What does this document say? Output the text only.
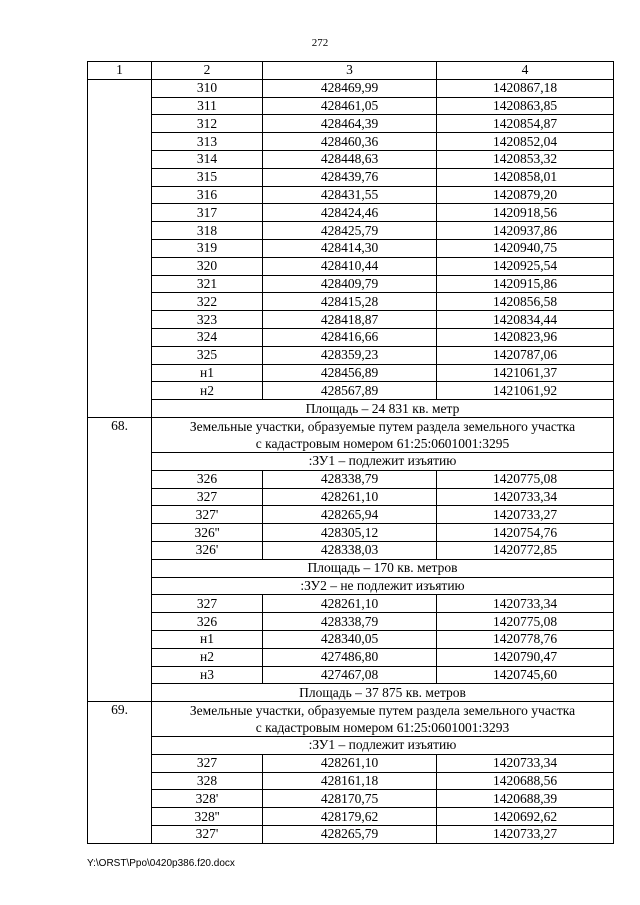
272
1	2	3	4
	310	428469,99	1420867,18
	311	428461,05	1420863,85
	312	428464,39	1420854,87
	313	428460,36	1420852,04
	314	428448,63	1420853,32
	315	428439,76	1420858,01
	316	428431,55	1420879,20
	317	428424,46	1420918,56
	318	428425,79	1420937,86
	319	428414,30	1420940,75
	320	428410,44	1420925,54
	321	428409,79	1420915,86
	322	428415,28	1420856,58
	323	428418,87	1420834,44
	324	428416,66	1420823,96
	325	428359,23	1420787,06
	н1	428456,89	1421061,37
	н2	428567,89	1421061,92
	Площадь – 24 831 кв. метр		
68.	Земельные участки, образуемые путем раздела земельного участка
с кадастровым номером 61:25:0601001:3295		
	:ЗУ1 – подлежит изъятию		
	326	428338,79	1420775,08
	327	428261,10	1420733,34
	327'	428265,94	1420733,27
	326''	428305,12	1420754,76
	326'	428338,03	1420772,85
	Площадь – 170 кв. метров		
	:ЗУ2 – не подлежит изъятию		
	327	428261,10	1420733,34
	326	428338,79	1420775,08
	н1	428340,05	1420778,76
	н2	427486,80	1420790,47
	н3	427467,08	1420745,60
	Площадь – 37 875 кв. метров		
69.	Земельные участки, образуемые путем раздела земельного участка
с кадастровым номером 61:25:0601001:3293		
	:ЗУ1 – подлежит изъятию		
	327	428261,10	1420733,34
	328	428161,18	1420688,56
	328'	428170,75	1420688,39
	328''	428179,62	1420692,62
	327'	428265,79	1420733,27
Y:\ORST\Ppo\0420p386.f20.docx
